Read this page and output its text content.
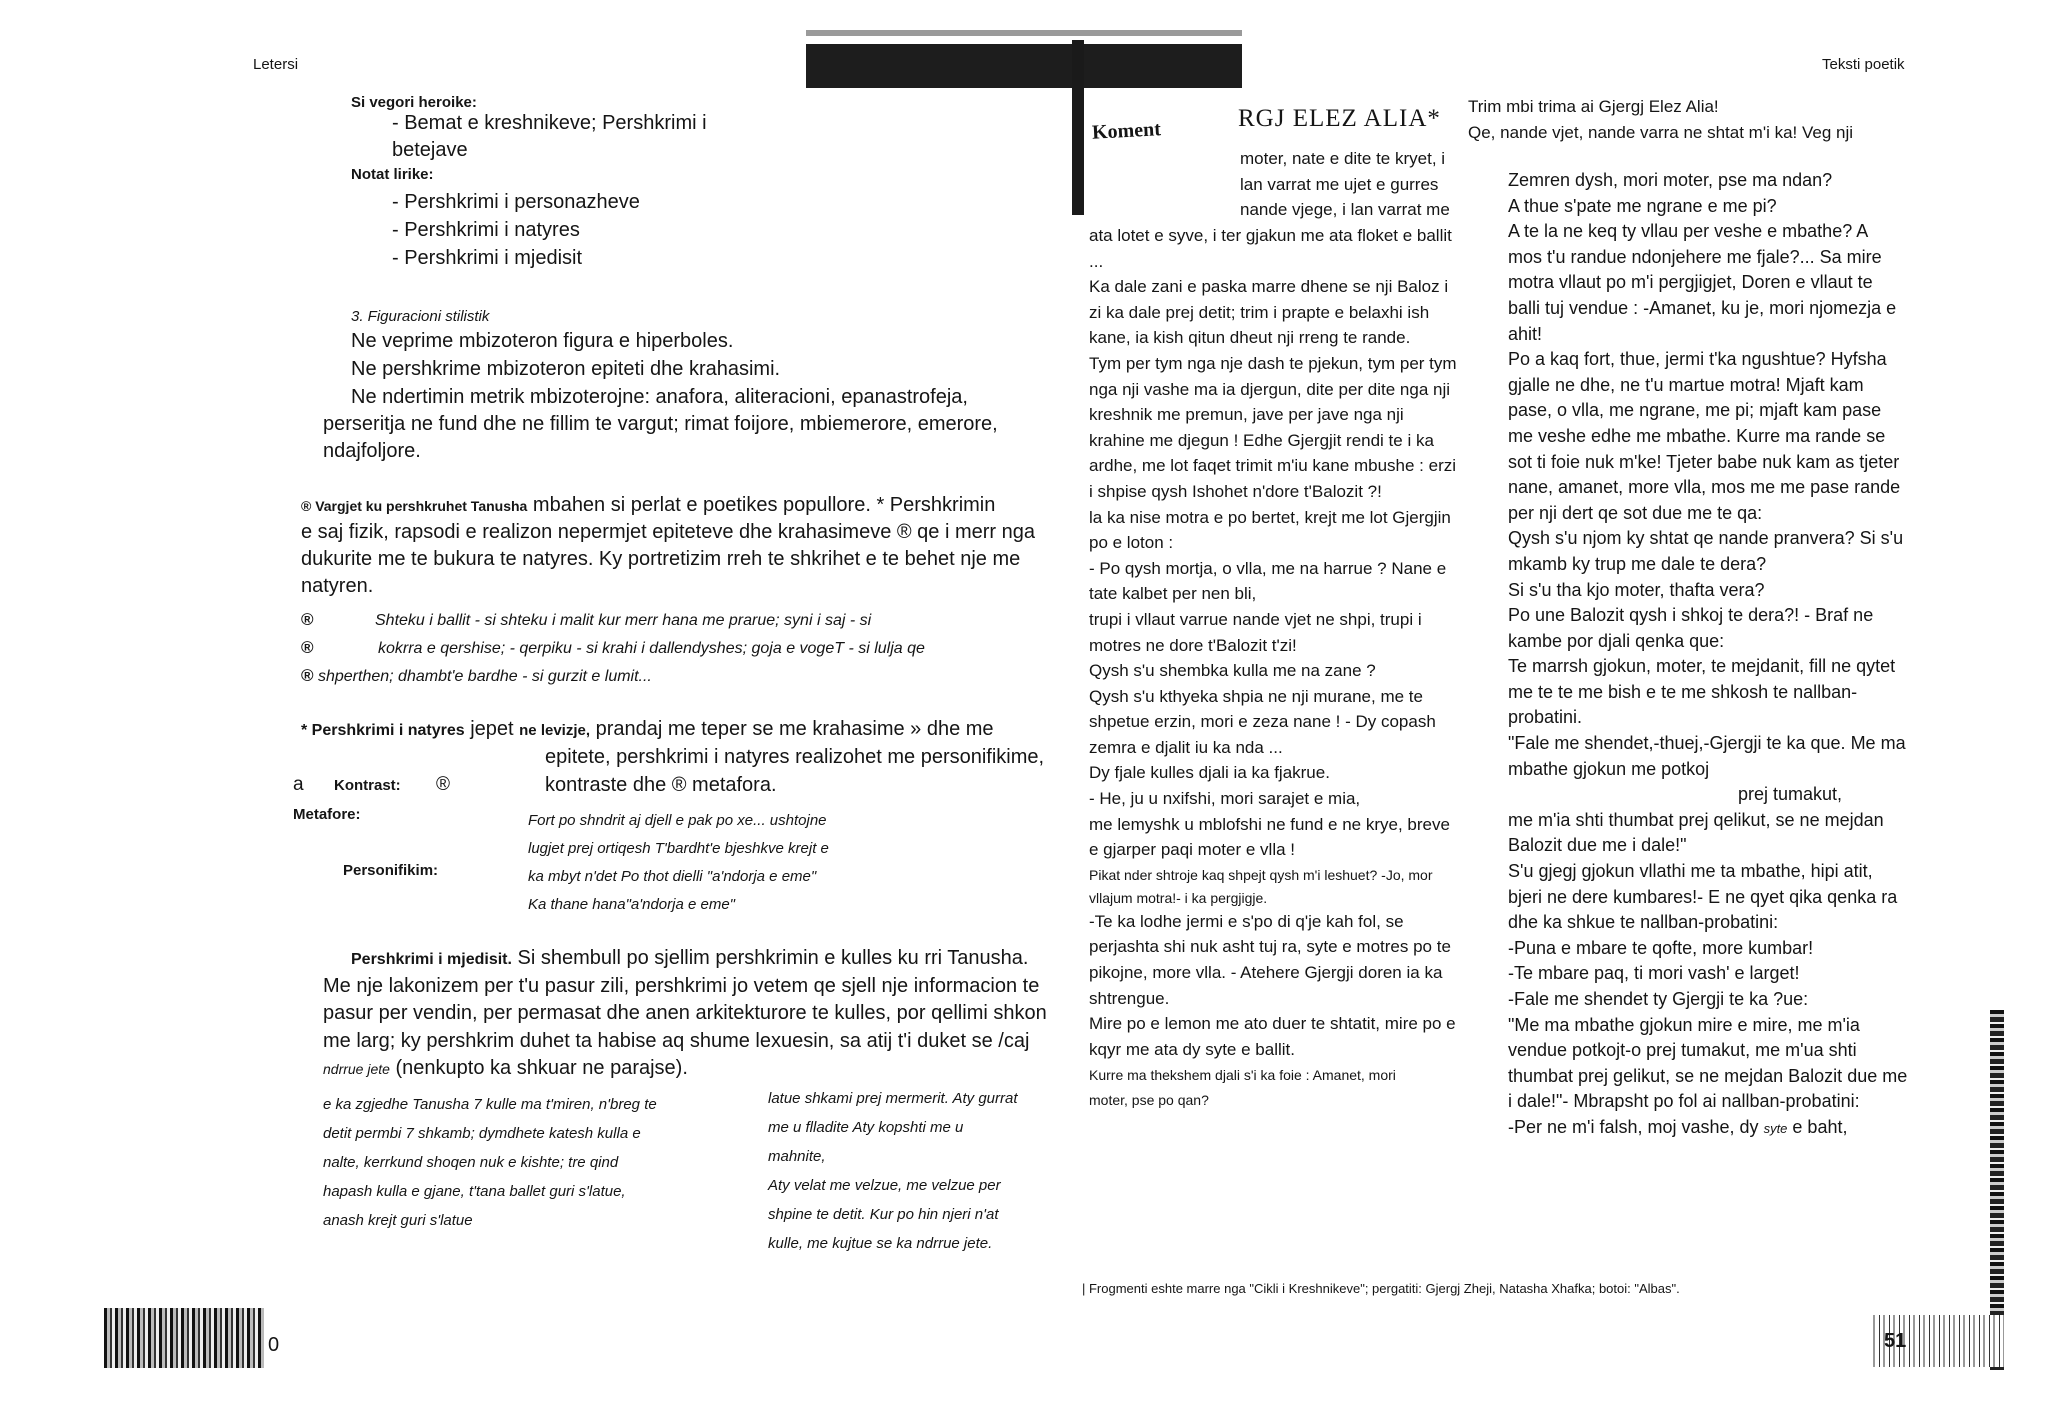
Letersi	Teksti poetik
Koment	RGJ ELEZ ALIA*
Si vegori heroike:
- Bemat e kreshnikeve; Pershkrimi i
betejave
Notat lirike:
- Pershkrimi i personazheve
- Pershkrimi i natyres
- Pershkrimi i mjedisit
3. Figuracioni stilistik
Ne veprime mbizoteron figura e hiperboles.
Ne pershkrime mbizoteron epiteti dhe krahasimi.
Ne ndertimin metrik mbizoterojne: anafora, aliteracioni, epanastrofeja,
perseritja ne fund dhe ne fillim te vargut; rimat foijore, mbiemerore, emerore,
ndajfoljore.
® Vargjet ku pershkruhet Tanusha mbahen si perlat e poetikes popullore. * Pershkrimin
e saj fizik, rapsodi e realizon nepermjet epiteteve dhe krahasimeve ® qe i merr nga
dukurite me te bukura te natyres. Ky portretizim rreh te shkrihet e te behet nje me
natyren.
®	Shteku i ballit - si shteku i malit kur merr hana me prarue; syni i saj - si
®	kokrra e qershise; - qerpiku - si krahi i dallendyshes; goja e vogeT - si lulja qe
® shperthen; dhambt'e bardhe - si gurzit e lumit...
* Pershkrimi i natyres jepet ne levizje, prandaj me teper se me krahasime » dhe me
epitete, pershkrimi i natyres realizohet me personifikime,
kontraste dhe ® metafora.
a Kontrast: ®
Metafore:
Personifikim:
Fort po shndrit aj djell e pak po xe... ushtojne
lugjet prej ortiqesh T'bardht'e bjeshkve krejt e
ka mbyt n'det Po thot dielli "a'ndorja e eme"
Ka thane hana"a'ndorja e eme"
Pershkrimi i mjedisit. Si shembull po sjellim pershkrimin e kulles ku rri Tanusha.
Me nje lakonizem per t'u pasur zili, pershkrimi jo vetem qe sjell nje informacion te
pasur per vendin, per permasat dhe anen arkitekturore te kulles, por qellimi shkon
me larg; ky pershkrim duhet ta habise aq shume lexuesin, sa atij t'i duket se /caj
ndrrue jete (nenkupto ka shkuar ne parajse).
e ka zgjedhe Tanusha 7 kulle ma t'miren, n'breg te
detit permbi 7 shkamb; dymdhete katesh kulla e
nalte, kerrkund shoqen nuk e kishte; tre qind
hapash kulla e gjane, t'tana ballet guri s'latue,
anash krejt guri s'latue
latue shkami prej mermerit. Aty gurrat
me u flladite Aty kopshti me u
mahnite,
Aty velat me velzue, me velzue per
shpine te detit. Kur po hin njeri n'at
kulle, me kujtue se ka ndrrue jete.
moter, nate e dite te kryet, i
lan varrat me ujet e gurres
nande vjege, i lan varrat me
ata lotet e syve, i ter gjakun me ata floket e ballit
...
Ka dale zani e paska marre dhene se nji Baloz i
zi ka dale prej detit; trim i prapte e belaxhi ish
kane, ia kish qitun dheut nji rreng te rande.
Tym per tym nga nje dash te pjekun, tym per tym
nga nji vashe ma ia djergun, dite per dite nga nji
kreshnik me premun, jave per jave nga nji
krahine me djegun ! Edhe Gjergjit rendi te i ka
ardhe, me lot faqet trimit m'iu kane mbushe : erzi
i shpise qysh Ishohet n'dore t'Balozit ?!
la ka nise motra e po bertet, krejt me lot Gjergjin
po e loton :
- Po qysh mortja, o vlla, me na harrue ? Nane e
tate kalbet per nen bli,
trupi i vllaut varrue nande vjet ne shpi, trupi i
motres ne dore t'Balozit t'zi!
Qysh s'u shembka kulla me na zane ?
Qysh s'u kthyeka shpia ne nji murane, me te
shpetue erzin, mori e zeza nane ! - Dy copash
zemra e djalit iu ka nda ...
Dy fjale kulles djali ia ka fjakrue.
- He, ju u nxifshi, mori sarajet e mia,
me lemyshk u mblofshi ne fund e ne krye, breve
e gjarper paqi moter e vlla !
Pikat nder shtroje kaq shpejt qysh m'i leshuet? -Jo, mor
vllajum motra!- i ka pergjigje.
-Te ka lodhe jermi e s'po di q'je kah fol, se
perjashta shi nuk asht tuj ra, syte e motres po te
pikojne, more vlla. - Atehere Gjergji doren ia ka
shtrengue.
Mire po e lemon me ato duer te shtatit, mire po e
kqyr me ata dy syte e ballit.
Kurre ma thekshem djali s'i ka foie : Amanet, mori
moter, pse po qan?
Trim mbi trima ai Gjergj Elez Alia!
Qe, nande vjet, nande varra ne shtat m'i ka! Veg nji
Zemren dysh, mori moter, pse ma ndan?
A thue s'pate me ngrane e me pi?
A te la ne keq ty vllau per veshe e mbathe? A
mos t'u randue ndonjehere me fjale?... Sa mire
motra vllaut po m'i pergjigjet, Doren e vllaut te
balli tuj vendue : -Amanet, ku je, mori njomezja e
ahit!
Po a kaq fort, thue, jermi t'ka ngushtue? Hyfsha
gjalle ne dhe, ne t'u martue motra! Mjaft kam
pase, o vlla, me ngrane, me pi; mjaft kam pase
me veshe edhe me mbathe. Kurre ma rande se
sot ti foie nuk m'ke! Tjeter babe nuk kam as tjeter
nane, amanet, more vlla, mos me me pase rande
per nji dert qe sot due me te qa:
Qysh s'u njom ky shtat qe nande pranvera? Si s'u
mkamb ky trup me dale te dera?
Si s'u tha kjo moter, thafta vera?
Po une Balozit qysh i shkoj te dera?! - Braf ne
kambe por djali qenka que:
Te marrsh gjokun, moter, te mejdanit, fill ne qytet
me te te me bish e te me shkosh te nallban-
probatini.
"Fale me shendet,-thuej,-Gjergji te ka que. Me ma
mbathe gjokun me potkoj
prej tumakut,
me m'ia shti thumbat prej qelikut, se ne mejdan
Balozit due me i dale!"
S'u gjegj gjokun vllathi me ta mbathe, hipi atit,
bjeri ne dere kumbares!- E ne qyet qika qenka ra
dhe ka shkue te nallban-probatini:
-Puna e mbare te qofte, more kumbar!
-Te mbare paq, ti mori vash' e larget!
-Fale me shendet ty Gjergji te ka ?ue:
"Me ma mbathe gjokun mire e mire, me m'ia
vendue potkojt-o prej tumakut, me m'ua shti
thumbat prej gelikut, se ne mejdan Balozit due me
i dale!"- Mbrapsht po fol ai nallban-probatini:
-Per ne m'i falsh, moj vashe, dy syte e baht,
| Frogmenti eshte marre nga "Cikli i Kreshnikeve"; pergatiti: Gjergj Zheji, Natasha Xhafka; botoi: "Albas".
0	51
